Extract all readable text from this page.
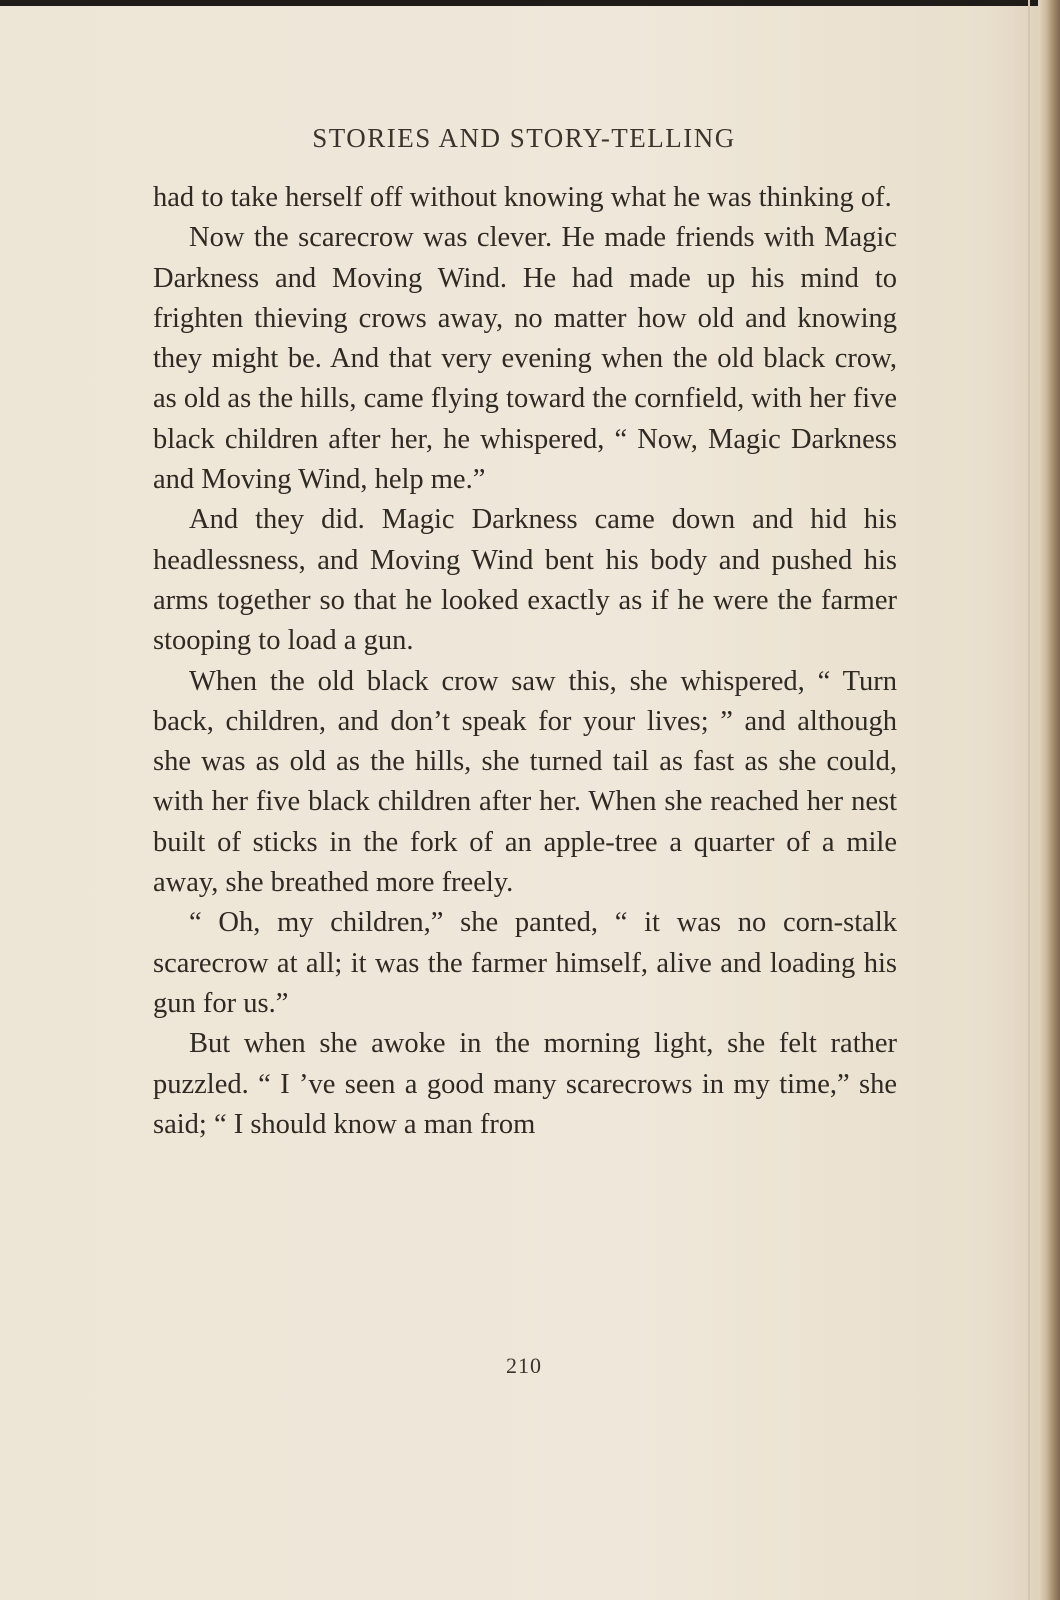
STORIES AND STORY-TELLING

had to take herself off without knowing what he was thinking of.

Now the scarecrow was clever. He made friends with Magic Darkness and Moving Wind. He had made up his mind to frighten thieving crows away, no matter how old and knowing they might be. And that very evening when the old black crow, as old as the hills, came flying toward the cornfield, with her five black children after her, he whispered, “ Now, Magic Darkness and Moving Wind, help me.”

And they did. Magic Darkness came down and hid his headlessness, and Moving Wind bent his body and pushed his arms together so that he looked exactly as if he were the farmer stooping to load a gun.

When the old black crow saw this, she whispered, “ Turn back, children, and don’t speak for your lives; ” and although she was as old as the hills, she turned tail as fast as she could, with her five black children after her. When she reached her nest built of sticks in the fork of an apple-tree a quarter of a mile away, she breathed more freely.

“ Oh, my children,” she panted, “ it was no corn-stalk scarecrow at all; it was the farmer himself, alive and loading his gun for us.”

But when she awoke in the morning light, she felt rather puzzled. “ I ’ve seen a good many scarecrows in my time,” she said; “ I should know a man from

210
